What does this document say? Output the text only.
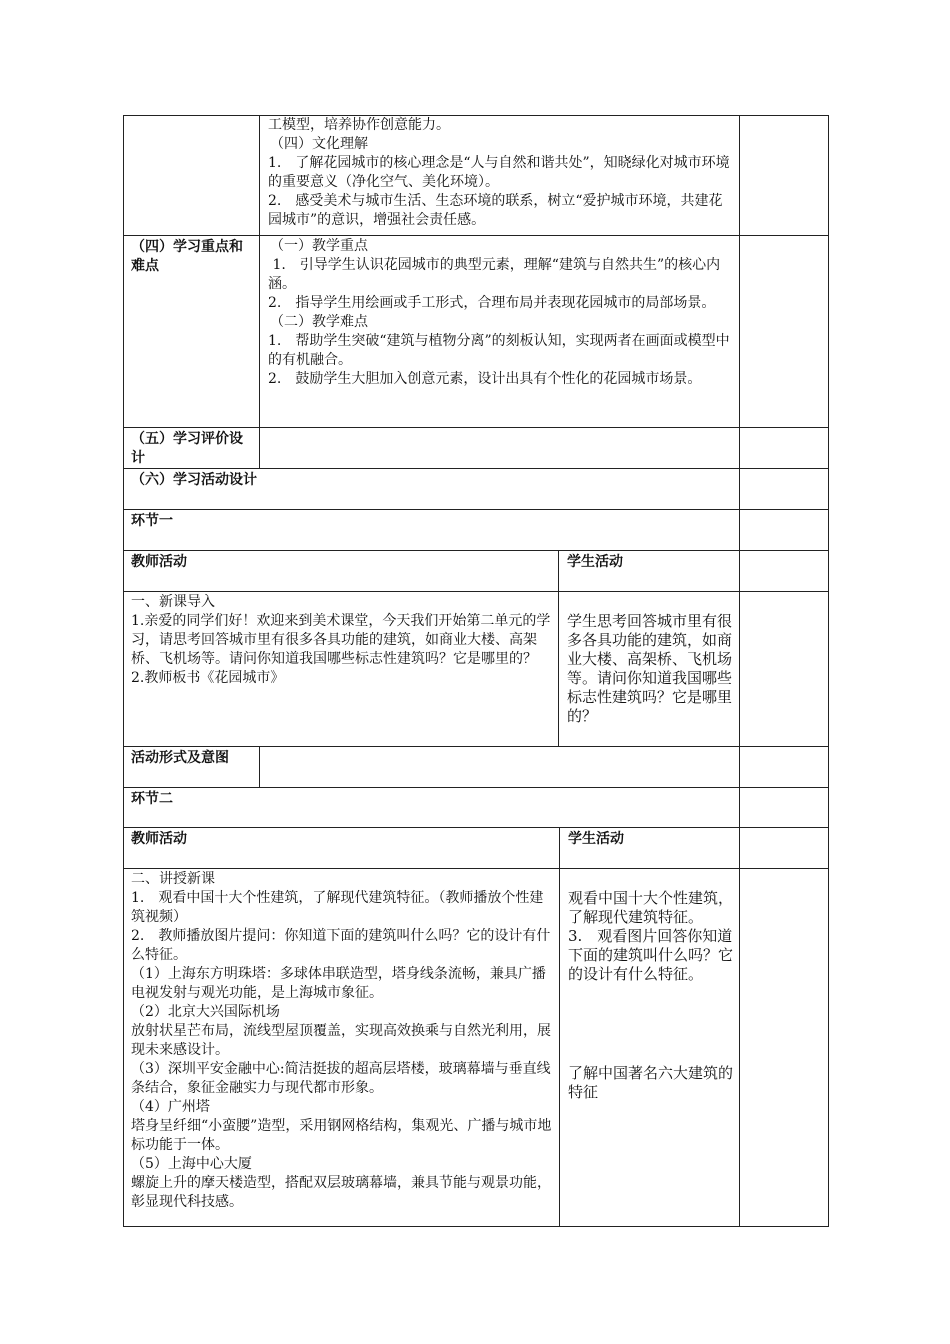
工模型，培养协作创意能力。
（四）文化理解
1.　了解花园城市的核心理念是“人与自然和谐共处”，知晓绿化对城市环境的重要意义（净化空气、美化环境）。
2.　感受美术与城市生活、生态环境的联系，树立“爱护城市环境，共建花园城市”的意识，增强社会责任感。
（四）学习重点和难点
（一）教学重点
1.　引导学生认识花园城市的典型元素，理解“建筑与自然共生”的核心内涵。
2.　指导学生用绘画或手工形式，合理布局并表现花园城市的局部场景。
（二）教学难点
1.　帮助学生突破“建筑与植物分离”的刻板认知，实现两者在画面或模型中的有机融合。
2.　鼓励学生大胆加入创意元素，设计出具有个性化的花园城市场景。
（五）学习评价设计
（六）学习活动设计
环节一
教师活动	学生活动
一、新课导入
1.亲爱的同学们好！欢迎来到美术课堂，今天我们开始第二单元的学习，请思考回答城市里有很多各具功能的建筑，如商业大楼、高架桥、飞机场等。请问你知道我国哪些标志性建筑吗？它是哪里的？
2.教师板书《花园城市》
学生思考回答城市里有很多各具功能的建筑，如商业大楼、高架桥、飞机场等。请问你知道我国哪些标志性建筑吗？它是哪里的？
活动形式及意图
环节二
教师活动	学生活动
二、讲授新课
1.　观看中国十大个性建筑，了解现代建筑特征。（教师播放个性建筑视频）
2.　教师播放图片提问：你知道下面的建筑叫什么吗？它的设计有什么特征。
（1）上海东方明珠塔：多球体串联造型，塔身线条流畅，兼具广播电视发射与观光功能，是上海城市象征。
（2）北京大兴国际机场
放射状星芒布局，流线型屋顶覆盖，实现高效换乘与自然光利用，展现未来感设计。
（3）深圳平安金融中心:简洁挺拔的超高层塔楼，玻璃幕墙与垂直线条结合，象征金融实力与现代都市形象。
（4）广州塔
塔身呈纤细“小蛮腰”造型，采用钢网格结构，集观光、广播与城市地标功能于一体。
（5）上海中心大厦
螺旋上升的摩天楼造型，搭配双层玻璃幕墙，兼具节能与观景功能，彰显现代科技感。
观看中国十大个性建筑，了解现代建筑特征。
3.　观看图片回答你知道下面的建筑叫什么吗？它的设计有什么特征。
了解中国著名六大建筑的特征
